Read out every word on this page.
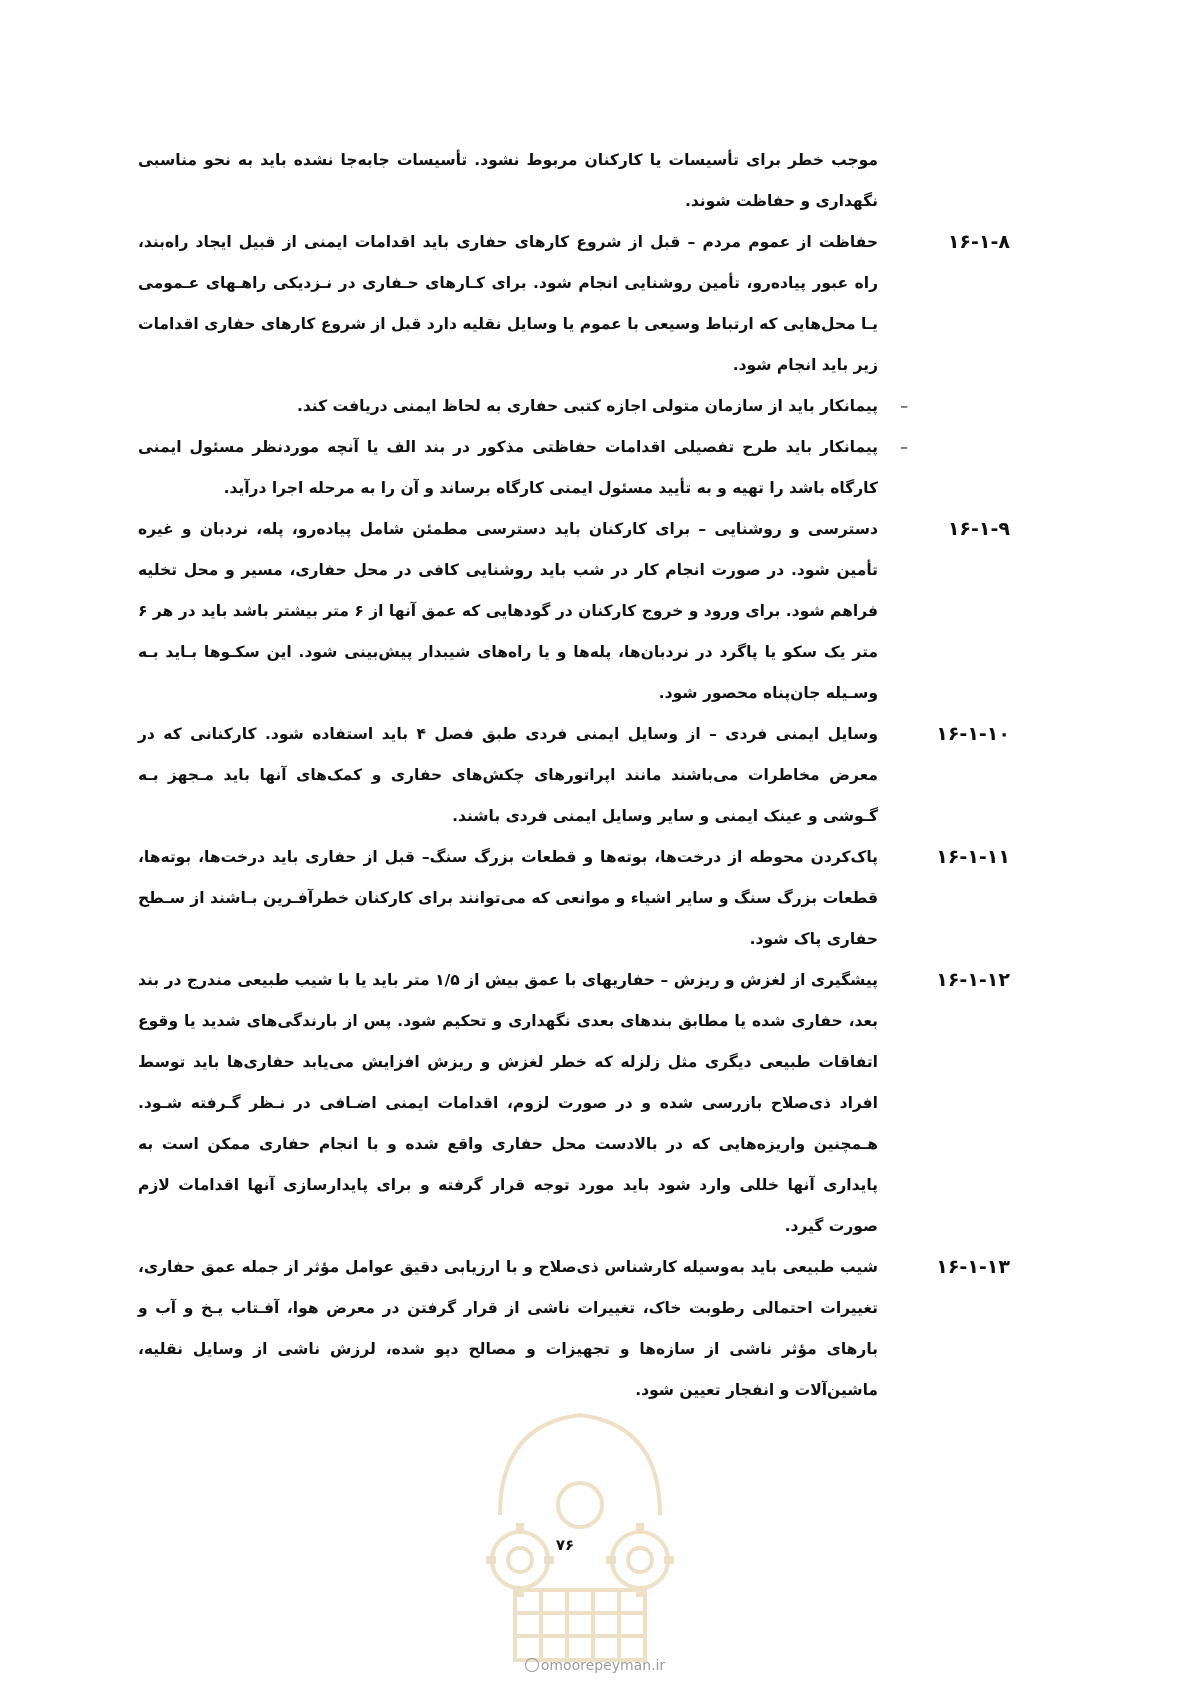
موجب خطر برای تأسیسات یا کارکنان مربوط نشود. تأسیسات جابه‌جا نشده باید به نحو مناسبی نگهداری و حفاظت شوند.

۱۶-۱-۸

حفاظت از عموم مردم – قبل از شروع کارهای حفاری باید اقدامات ایمنی از قبیل ایجاد راه‌بند، راه عبور پیاده‌رو، تأمین روشنایی انجام شود. برای کـارهای حـفاری در نـزدیکی راهـهای عـمومی یـا محل‌هایی که ارتباط وسیعی با عموم یا وسایل نقلیه دارد قبل از شروع کارهای حفاری اقدامات زیر باید انجام شود.

–

پیمانکار باید از سازمان متولی اجازه کتبی حفاری به لحاظ ایمنی دریافت کند.

–

پیمانکار باید طرح تفصیلی اقدامات حفاظتی مذکور در بند الف یا آنچه موردنظر مسئول ایمنی کارگاه باشد را تهیه و به تأیید مسئول ایمنی کارگاه برساند و آن را به مرحله اجرا درآید.

۱۶-۱-۹

دسترسی و روشنایی – برای کارکنان باید دسترسی مطمئن شامل پیاده‌رو، پله، نردبان و غیره تأمین شود. در صورت انجام کار در شب باید روشنایی کافی در محل حفاری، مسیر و محل تخلیه فراهم شود. برای ورود و خروج کارکنان در گودهایی که عمق آنها از ۶ متر بیشتر باشد باید در هر ۶ متر یک سکو یا پاگرد در نردبان‌ها، پله‌ها و یا راه‌های شیبدار پیش‌بینی شود. این سکـوها بـاید بـه وسـیله جان‌پناه محصور شود.

۱۶-۱-۱۰

وسایل ایمنی فردی – از وسایل ایمنی فردی طبق فصل ۴ باید استفاده شود. کارکنانی که در معرض مخاطرات می‌باشند مانند اپراتورهای چکش‌های حفاری و کمک‌های آنها باید مـجهز بـه گـوشی و عینک ایمنی و سایر وسایل ایمنی فردی باشند.

۱۶-۱-۱۱

پاک‌کردن محوطه از درخت‌ها، بوته‌ها و قطعات بزرگ سنگ– قبل از حفاری باید درخت‌ها، بوته‌ها، قطعات بزرگ سنگ و سایر اشیاء و موانعی که می‌توانند برای کارکنان خطرآفـرین بـاشند از سـطح حفاری پاک شود.

۱۶-۱-۱۲

پیشگیری از لغزش و ریزش – حفاریهای با عمق بیش از ۱/۵ متر باید یا با شیب طبیعی مندرج در بند بعد، حفاری شده یا مطابق بندهای بعدی نگهداری و تحکیم شود. پس از بارندگی‌های شدید یا وقوع اتفاقات طبیعی دیگری مثل زلزله که خطر لغزش و ریزش افزایش می‌یابد حفاری‌ها باید توسط افراد ذی‌صلاح بازرسی شده و در صورت لزوم، اقدامات ایمنی اضـافی در نـظر گـرفته شـود. هـمچنین واریزه‌هایی که در بالادست محل حفاری واقع شده و با انجام حفاری ممکن است به پایداری آنها خللی وارد شود باید مورد توجه قرار گرفته و برای پایدارسازی آنها اقدامات لازم صورت گیرد.

۱۶-۱-۱۳

شیب طبیعی باید به‌وسیله کارشناس ذی‌صلاح و با ارزیابی دقیق عوامل مؤثر از جمله عمق حفاری، تغییرات احتمالی رطوبت خاک، تغییرات ناشی از قرار گرفتن در معرض هوا، آفـتاب یـخ و آب و بارهای مؤثر ناشی از سازه‌ها و تجهیزات و مصالح دپو شده، لرزش ناشی از وسایل نقلیه، ماشین‌آلات و انفجار تعیین شود.

۷۶
omoorepeyman.ir
